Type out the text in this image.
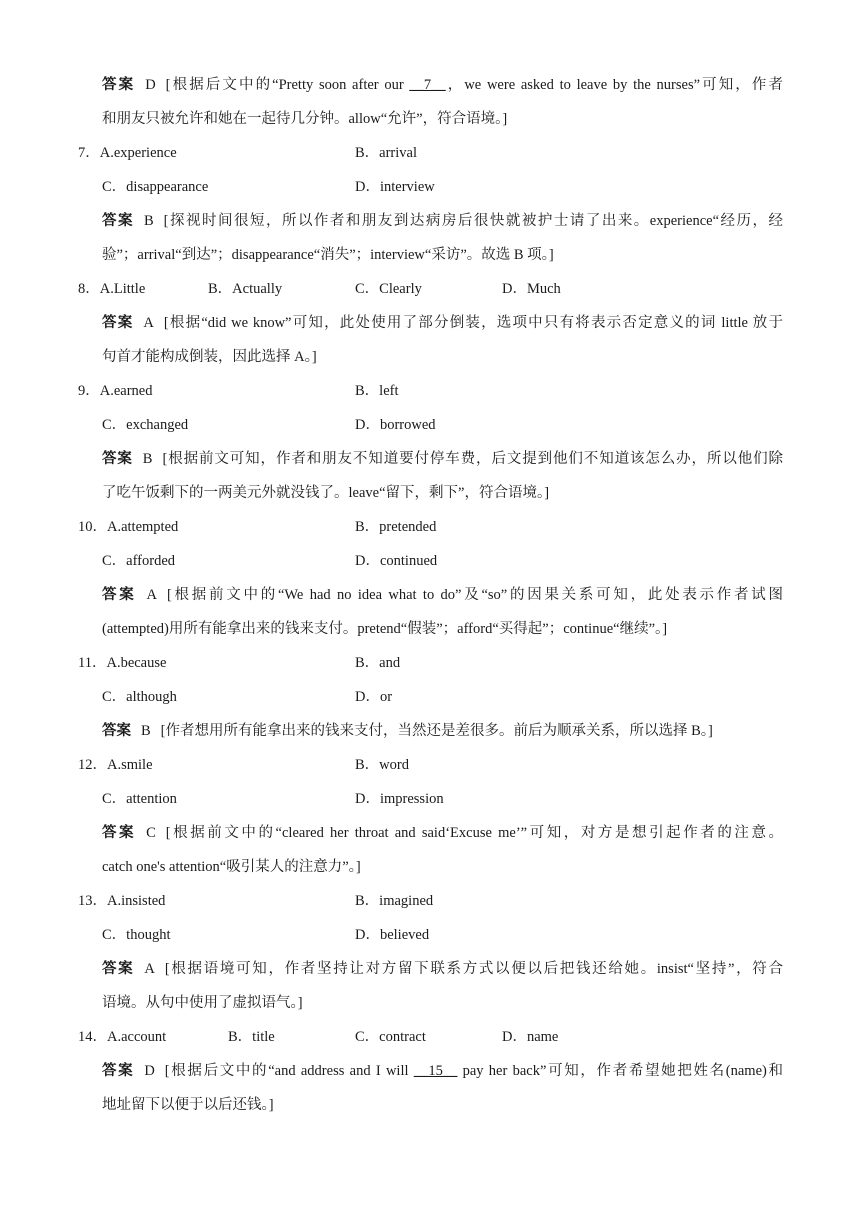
答案 D [根据后文中的“Pretty soon after our __7__，we were asked to leave by the nurses”可知，作者
和朋友只被允许和她在一起待几分钟。allow“允许”，符合语境。]
7．A.experience	B．arrival
C．disappearance	D．interview
答案 B [探视时间很短，所以作者和朋友到达病房后很快就被护士请了出来。experience“经历，经
验”；arrival“到达”；disappearance“消失”；interview“采访”。故选 B 项。]
8．A.Little	B．Actually	C．Clearly	D．Much
答案 A [根据“did we know”可知，此处使用了部分倒装，选项中只有将表示否定意义的词 little 放于
句首才能构成倒装，因此选择 A。]
9．A.earned	B．left
C．exchanged	D．borrowed
答案 B [根据前文可知，作者和朋友不知道要付停车费，后文提到他们不知道该怎么办，所以他们除
了吃午饭剩下的一两美元外就没钱了。leave“留下，剩下”，符合语境。]
10．A.attempted	B．pretended
C．afforded	D．continued
答案 A [根据前文中的“We had no idea what to do”及“so”的因果关系可知，此处表示作者试图
(attempted)用所有能拿出来的钱来支付。pretend“假装”；afford“买得起”；continue“继续”。]
11．A.because	B．and
C．although	D．or
答案 B [作者想用所有能拿出来的钱来支付，当然还是差很多。前后为顺承关系，所以选择 B。]
12．A.smile	B．word
C．attention	D．impression
答案 C [根据前文中的“cleared her throat and said‘Excuse me’”可知，对方是想引起作者的注意。
catch one's attention“吸引某人的注意力”。]
13．A.insisted	B．imagined
C．thought	D．believed
答案 A [根据语境可知，作者坚持让对方留下联系方式以便以后把钱还给她。insist“坚持”，符合
语境。从句中使用了虚拟语气。]
14．A.account	B．title	C．contract	D．name
答案 D [根据后文中的“and address and I will __15__ pay her back”可知，作者希望她把姓名(name)和
地址留下以便于以后还钱。]
